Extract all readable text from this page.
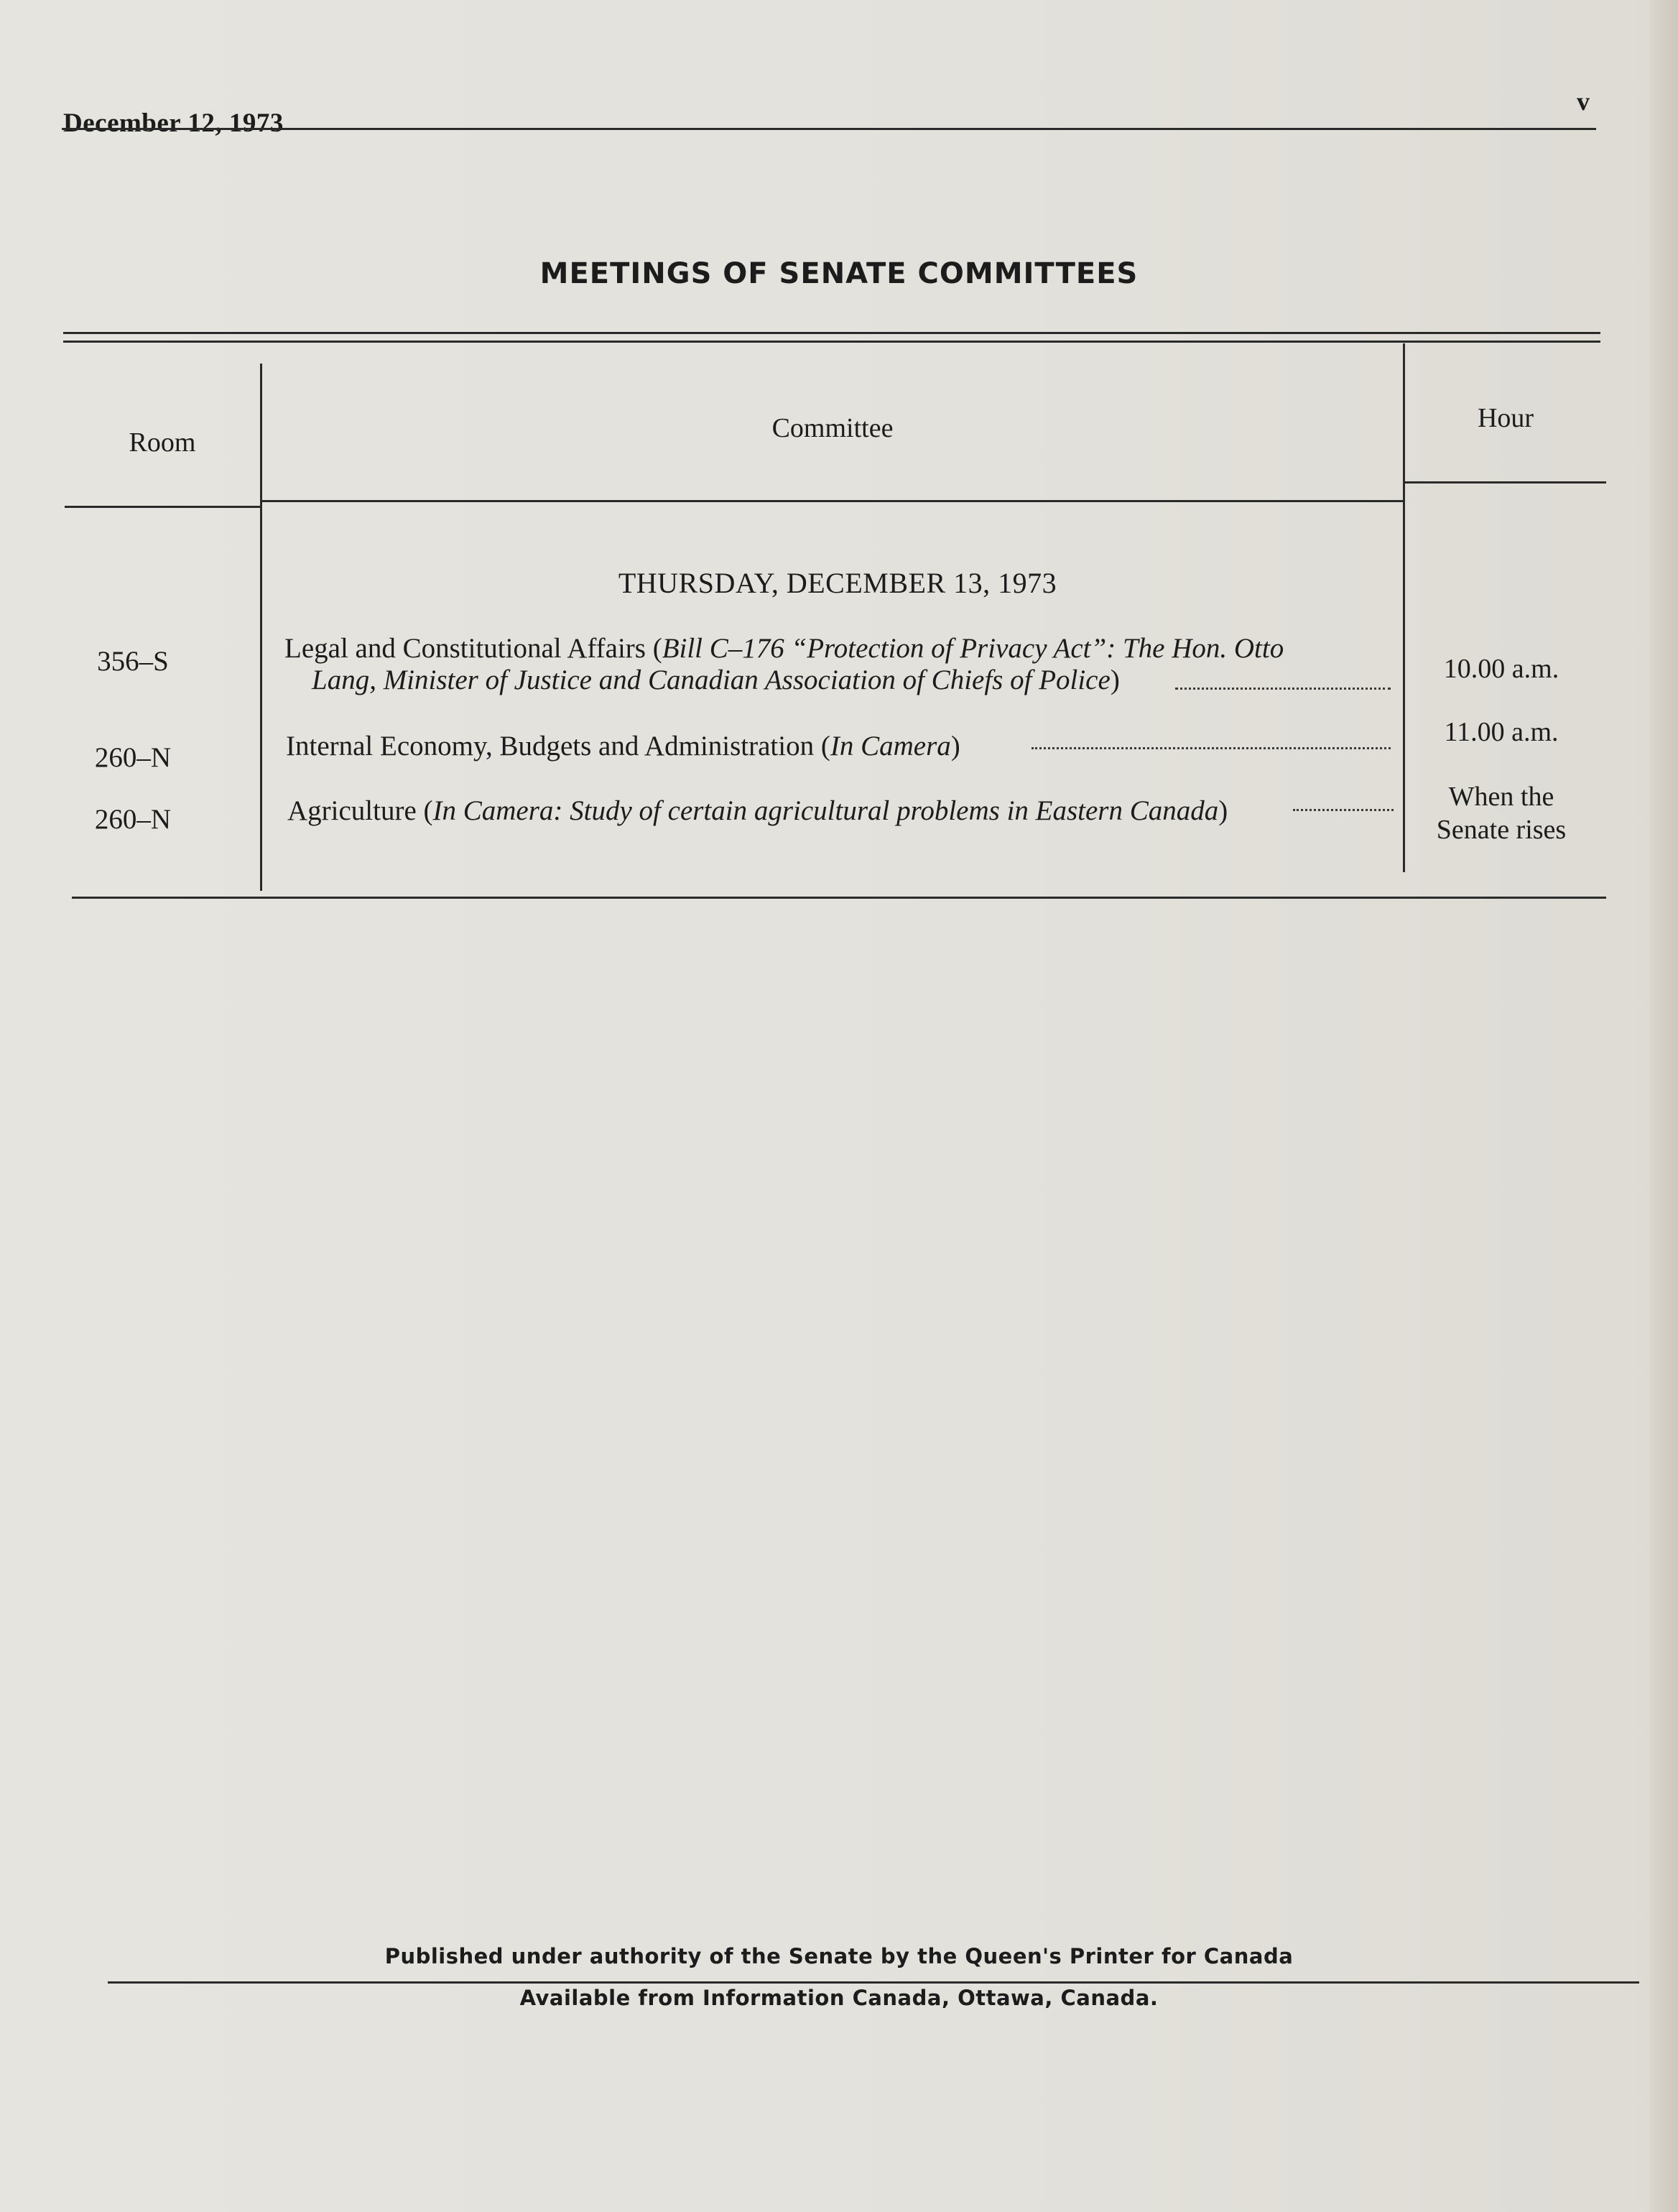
December 12, 1973
v
MEETINGS OF SENATE COMMITTEES
Room	Committee	Hour
THURSDAY, DECEMBER 13, 1973
356–S	Legal and Constitutional Affairs (Bill C–176 “Protection of Privacy Act”: The Hon. Otto
Lang, Minister of Justice and Canadian Association of Chiefs of Police)	10.00 a.m.
260–N	Internal Economy, Budgets and Administration (In Camera)	11.00 a.m.
260–N	Agriculture (In Camera: Study of certain agricultural problems in Eastern Canada)	When the
Senate rises
Published under authority of the Senate by the Queen's Printer for Canada
Available from Information Canada, Ottawa, Canada.
